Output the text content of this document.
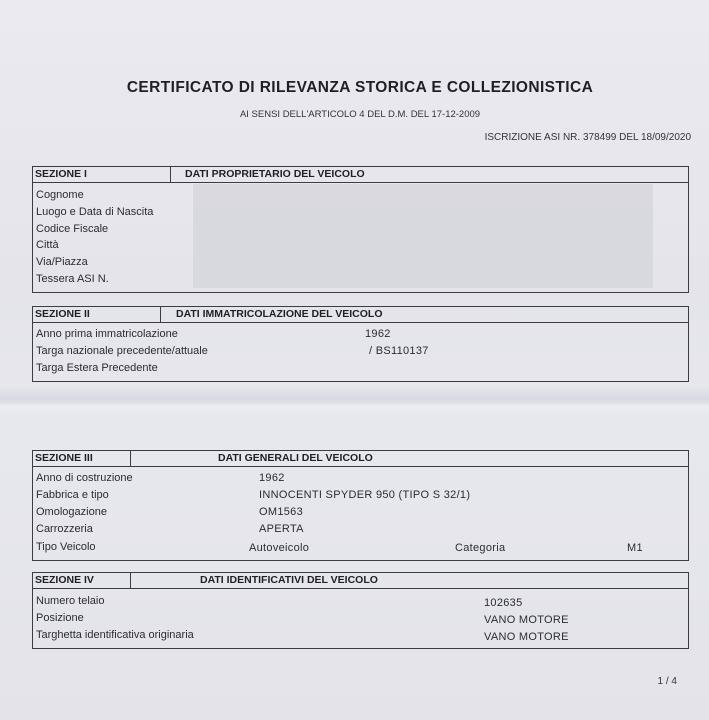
CERTIFICATO DI RILEVANZA STORICA E COLLEZIONISTICA
AI SENSI DELL'ARTICOLO 4 DEL D.M. DEL 17-12-2009
ISCRIZIONE ASI NR. 378499 DEL 18/09/2020
SEZIONE I	DATI PROPRIETARIO DEL VEICOLO
Cognome
Luogo e Data di Nascita
Codice Fiscale
Città
Via/Piazza
Tessera ASI N.
SEZIONE II	DATI IMMATRICOLAZIONE DEL VEICOLO
Anno prima immatricolazione	1962
Targa nazionale precedente/attuale	/ BS110137
Targa Estera Precedente
SEZIONE III	DATI GENERALI DEL VEICOLO
Anno di costruzione	1962
Fabbrica e tipo	INNOCENTI SPYDER 950 (TIPO S 32/1)
Omologazione	OM1563
Carrozzeria	APERTA
Tipo Veicolo	Autoveicolo	Categoria	M1
SEZIONE IV	DATI IDENTIFICATIVI DEL VEICOLO
Numero telaio	102635
Posizione	VANO MOTORE
Targhetta identificativa originaria	VANO MOTORE
1 / 4
